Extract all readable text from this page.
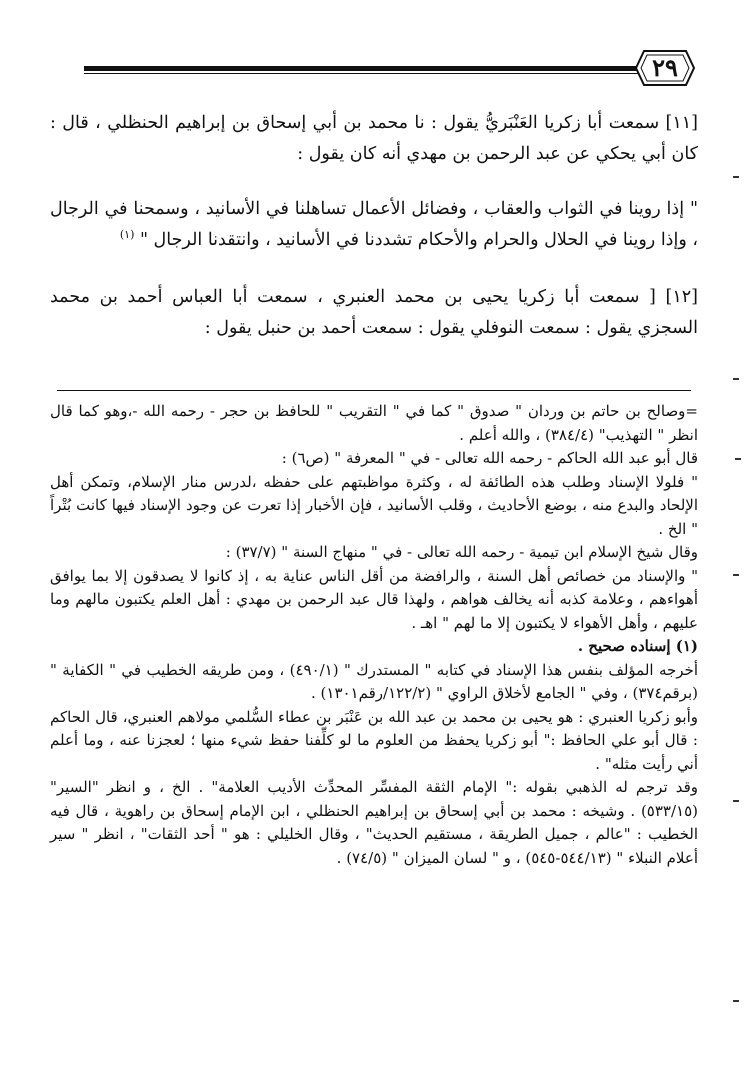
٢٩
[١١] سمعت أبا زكريا العَنْبَريُّ يقول : نا محمد بن أبي إسحاق بن إبراهيم الحنظلي ، قال : كان أبي يحكي عن عبد الرحمن بن مهدي أنه كان يقول :
" إذا روينا في الثواب والعقاب ، وفضائل الأعمال تساهلنا في الأسانيد ، وسمحنا في الرجال ، وإذا روينا في الحلال والحرام والأحكام تشددنا في الأسانيد ، وانتقدنا الرجال " $^{(١)}$
[١٢] [ سمعت أبا زكريا يحيى بن محمد العنبري ، سمعت أبا العباس أحمد بن محمد السجزي يقول : سمعت النوفلي يقول : سمعت أحمد بن حنبل يقول :

=وصالح بن حاتم بن وردان " صدوق " كما في " التقريب " للحافظ بن حجر - رحمه الله -،وهو كما قال انظر " التهذيب" (٣٨٤/٤) ، والله أعلم .

قال أبو عبد الله الحاكم - رحمه الله تعالى - في " المعرفة " (ص٦) :

" فلولا الإسناد وطلب هذه الطائفة له ، وكثرة مواظبتهم على حفظه ،لدرس منار الإسلام، وتمكن أهل الإلحاد والبدع منه ، بوضع الأحاديث ، وقلب الأسانيد ، فإن الأخبار إذا تعرت عن وجود الإسناد فيها كانت بُتْراً " الخ .

وقال شيخ الإسلام ابن تيمية - رحمه الله تعالى - في " منهاج السنة " (٣٧/٧) :

" والإسناد من خصائص أهل السنة ، والرافضة من أقل الناس عناية به ، إذ كانوا لا يصدقون إلا بما يوافق أهواءهم ، وعلامة كذبه أنه يخالف هواهم ، ولهذا قال عبد الرحمن بن مهدي : أهل العلم يكتبون مالهم وما عليهم ، وأهل الأهواء لا يكتبون إلا ما لهم " اهـ .

(١) إسناده صحيح .

أخرجه المؤلف بنفس هذا الإسناد في كتابه " المستدرك " (٤٩٠/١) ، ومن طريقه الخطيب في " الكفاية " (برقم٣٧٤) ، وفي " الجامع لأخلاق الراوي " (١٢٢/٢/رقم١٣٠١) .

وأبو زكريا العنبري : هو يحيى بن محمد بن عبد الله بن عَنْبَر بن عطاء السُّلمي مولاهم العنبري، قال الحاكم : قال أبو علي الحافظ :" أبو زكريا يحفظ من العلوم ما لو كلِّفنا حفظ شيء منها ؛ لعجزنا عنه ، وما أعلم أني رأيت مثله" .

وقد ترجم له الذهبي بقوله :" الإمام الثقة المفسِّر المحدِّث الأديب العلامة" . الخ ، و انظر "السير" (٥٣٣/١٥) . وشيخه : محمد بن أبي إسحاق بن إبراهيم الحنظلي ، ابن الإمام إسحاق بن راهوية ، قال فيه الخطيب : "عالم ، جميل الطريقة ، مستقيم الحديث" ، وقال الخليلي : هو " أحد الثقات" ، انظر " سير أعلام النبلاء " (٥٤٤/١٣-٥٤٥) ، و " لسان الميزان " (٧٤/٥) .
